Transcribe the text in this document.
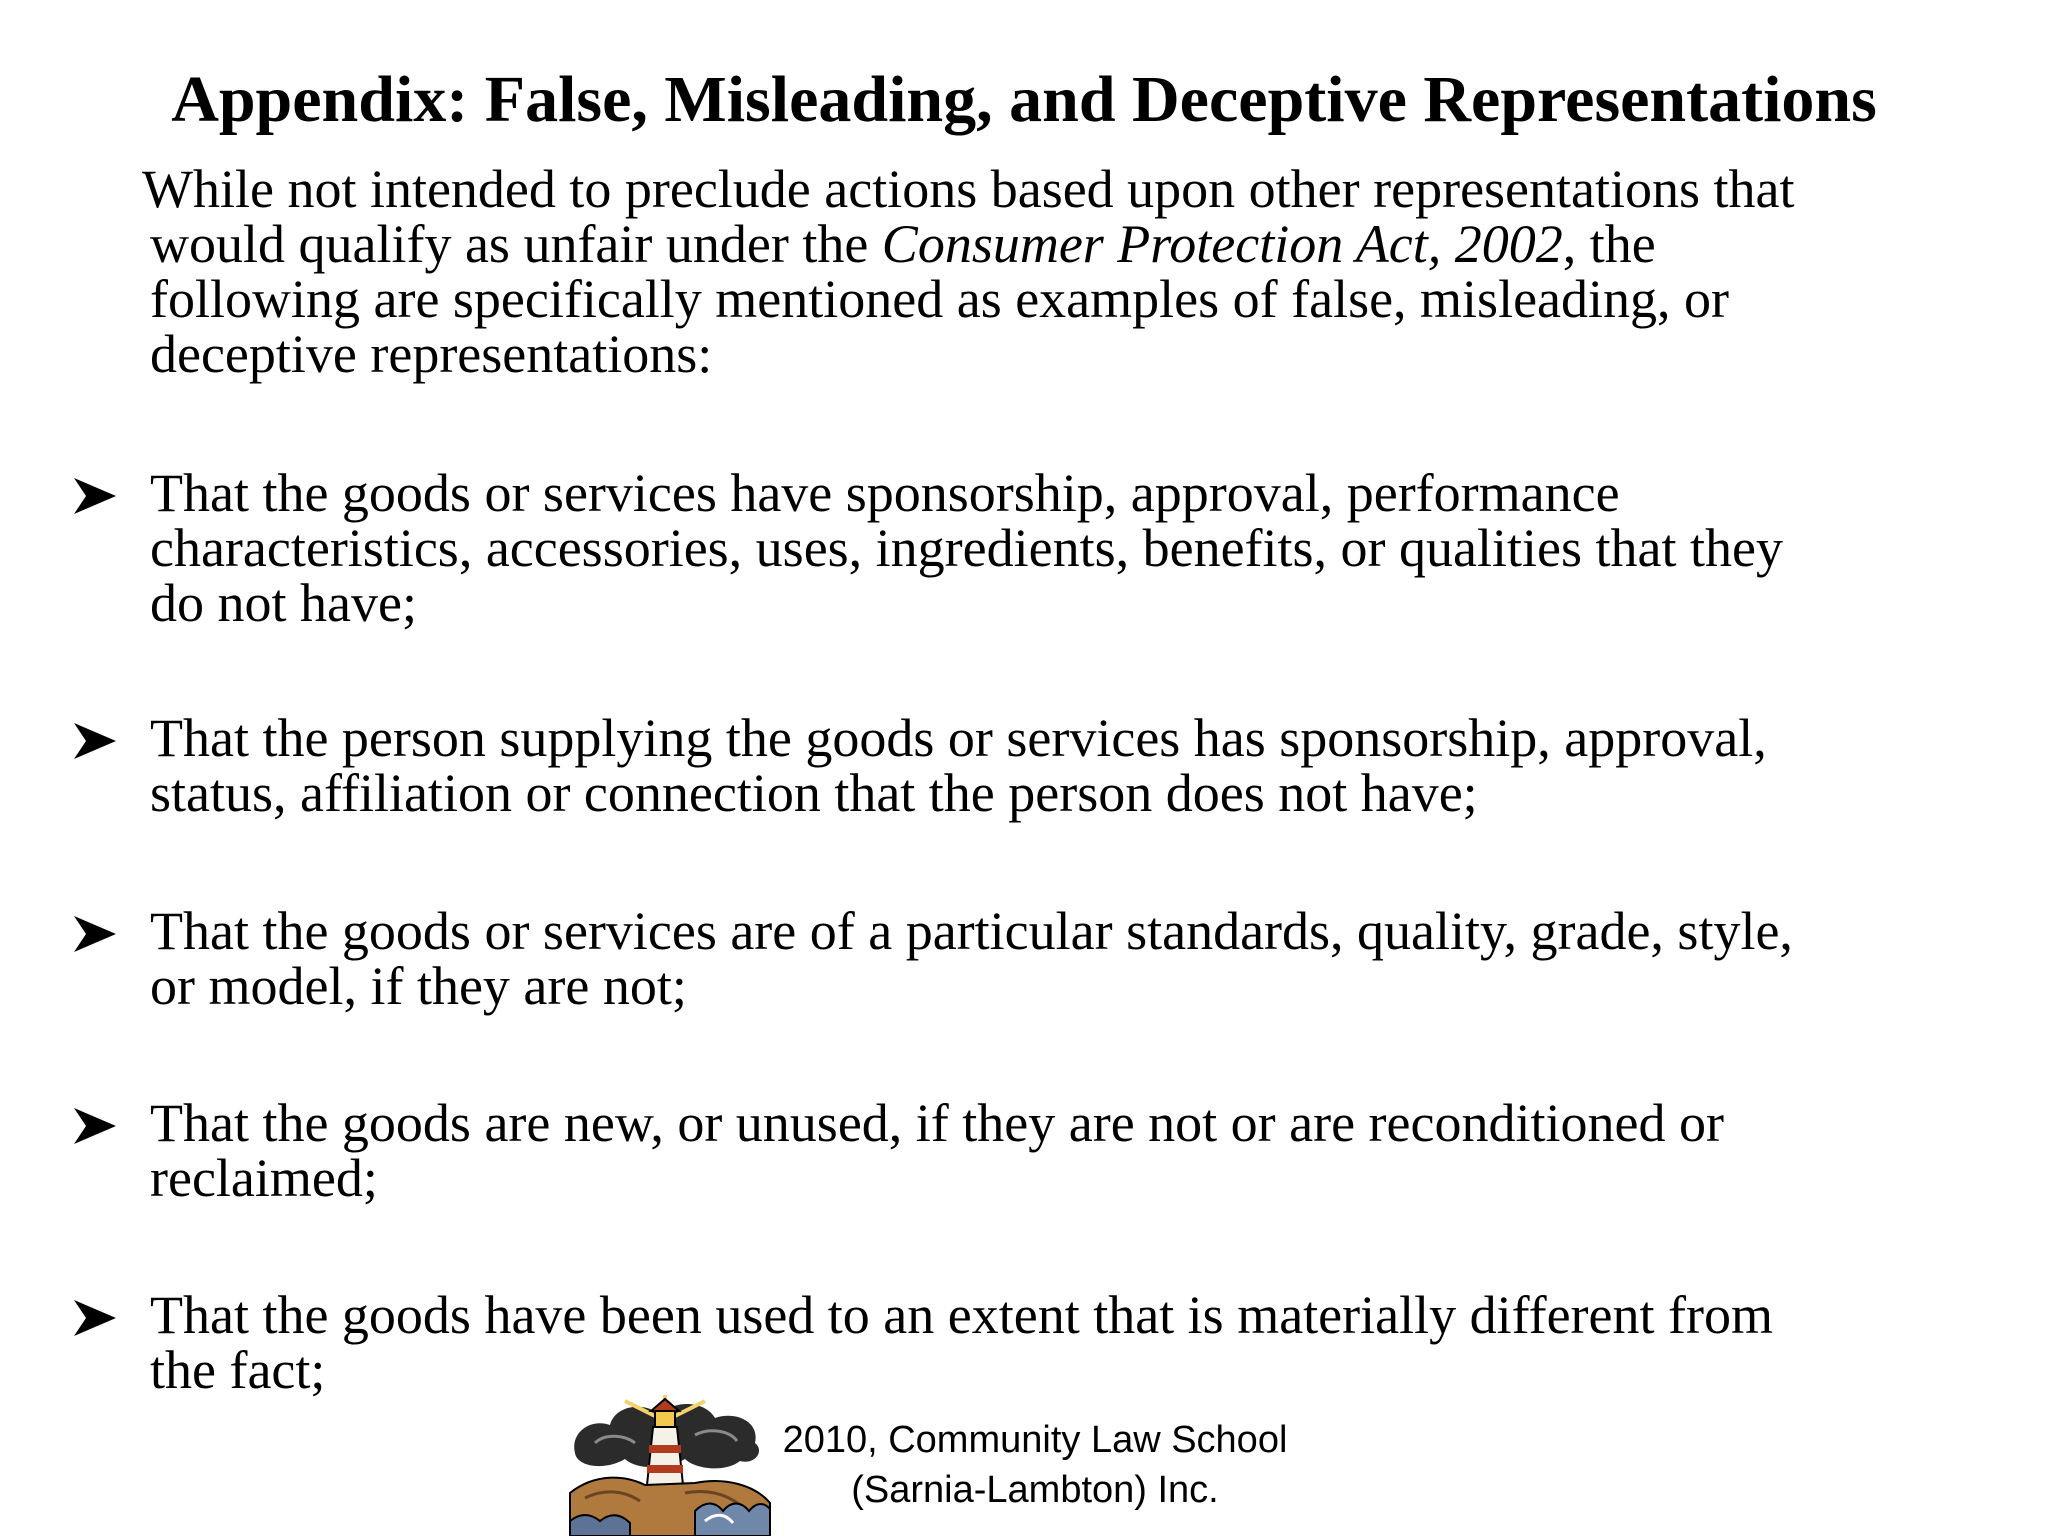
Appendix: False, Misleading, and Deceptive Representations
While not intended to preclude actions based upon other representations that
would qualify as unfair under the Consumer Protection Act, 2002, the
following are specifically mentioned as examples of false, misleading, or
deceptive representations:
That the goods or services have sponsorship, approval, performance
characteristics, accessories, uses, ingredients, benefits, or qualities that they
do not have;
That the person supplying the goods or services has sponsorship, approval,
status, affiliation or connection that the person does not have;
That the goods or services are of a particular standards, quality, grade, style,
or model, if they are not;
That the goods are new, or unused, if they are not or are reconditioned or
reclaimed;
That the goods have been used to an extent that is materially different from
the fact;
2010, Community Law School
(Sarnia-Lambton) Inc.
